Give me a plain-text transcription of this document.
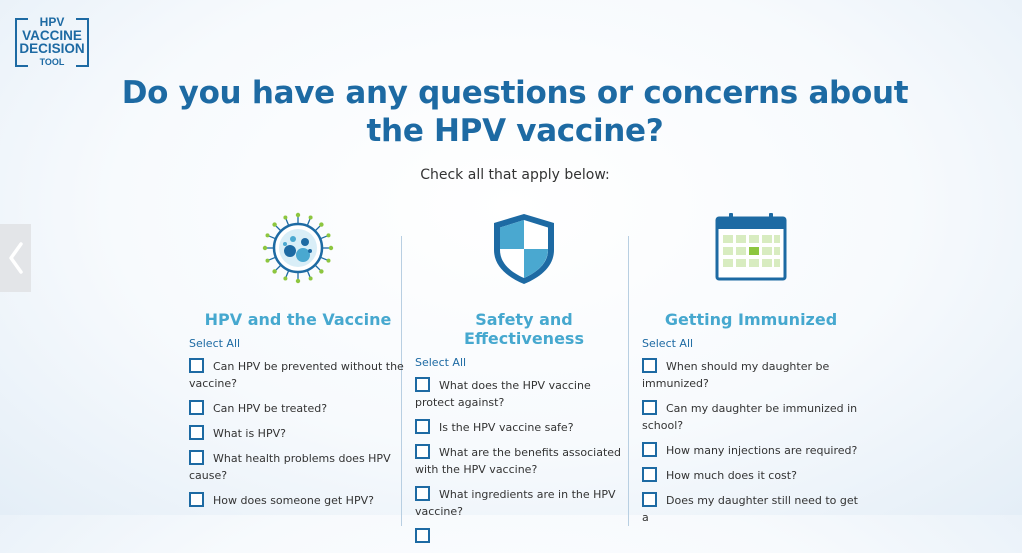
HPV
VACCINE
DECISION
TOOL
Do you have any questions or concerns about
the HPV vaccine?
Check all that apply below:
HPV and the Vaccine
Select All
Can HPV be prevented without the vaccine?
Can HPV be treated?
What is HPV?
What health problems does HPV cause?
How does someone get HPV?
Safety and Effectiveness
Select All
What does the HPV vaccine protect against?
Is the HPV vaccine safe?
What are the benefits associated with the HPV vaccine?
What ingredients are in the HPV vaccine?
Getting Immunized
Select All
When should my daughter be immunized?
Can my daughter be immunized in school?
How many injections are required?
How much does it cost?
Does my daughter still need to get a
